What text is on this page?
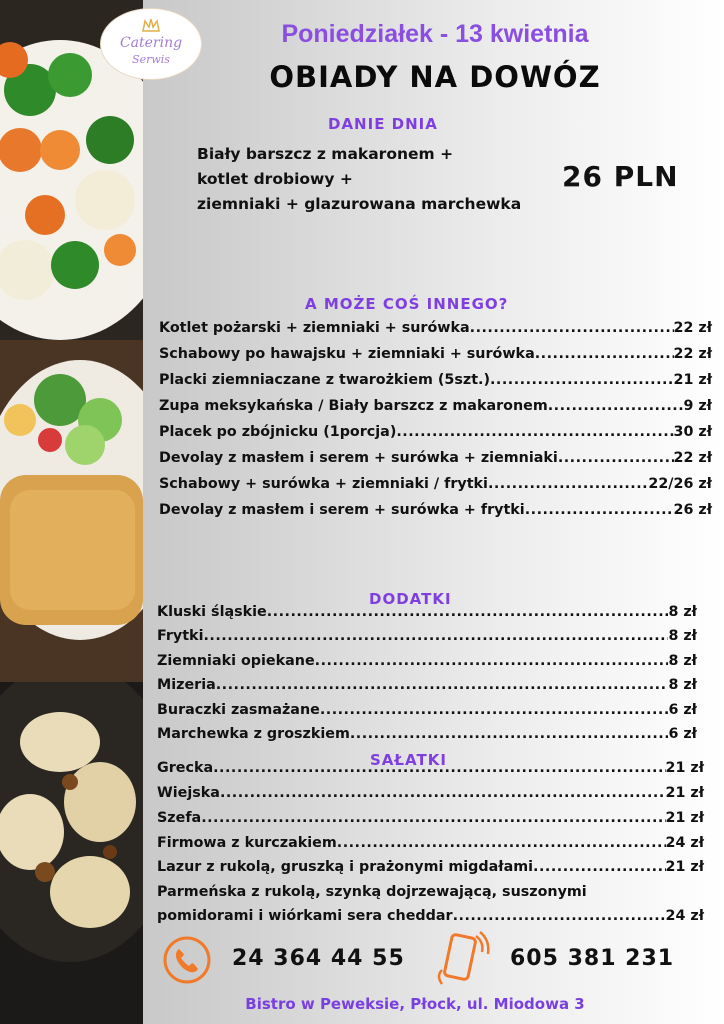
Catering
Serwis
Poniedziałek - 13 kwietnia
OBIADY NA DOWÓZ
DANIE DNIA
Biały barszcz z makaronem +
kotlet drobiowy +
ziemniaki + glazurowana marchewka
26 PLN
A MOŻE COŚ INNEGO?
Kotlet pożarski + ziemniaki + surówka .....	22 zł
Schabowy po hawajsku + ziemniaki + surówka .....	22 zł
Placki ziemniaczane z twarożkiem (5szt.) .....	21 zł
Zupa meksykańska / Biały barszcz z makaronem .....	9 zł
Placek po zbójnicku (1porcja) .....	30 zł
Devolay z masłem i serem + surówka + ziemniaki .....	22 zł
Schabowy + surówka + ziemniaki / frytki .....	22/26 zł
Devolay z masłem i serem + surówka + frytki .....	26 zł
DODATKI
Kluski śląskie .....	8 zł
Frytki .....	8 zł
Ziemniaki opiekane .....	8 zł
Mizeria .....	8 zł
Buraczki zasmażane .....	6 zł
Marchewka z groszkiem .....	6 zł
SAŁATKI
Grecka .....	21 zł
Wiejska .....	21 zł
Szefa .....	21 zł
Firmowa z kurczakiem .....	24 zł
Lazur z rukolą, gruszką i prażonymi migdałami .....	21 zł
Parmeńska z rukolą, szynką dojrzewającą, suszonymi
pomidorami i wiórkami sera cheddar .....	24 zł
24 364 44 55	605 381 231
Bistro w Peweksie, Płock, ul. Miodowa 3
